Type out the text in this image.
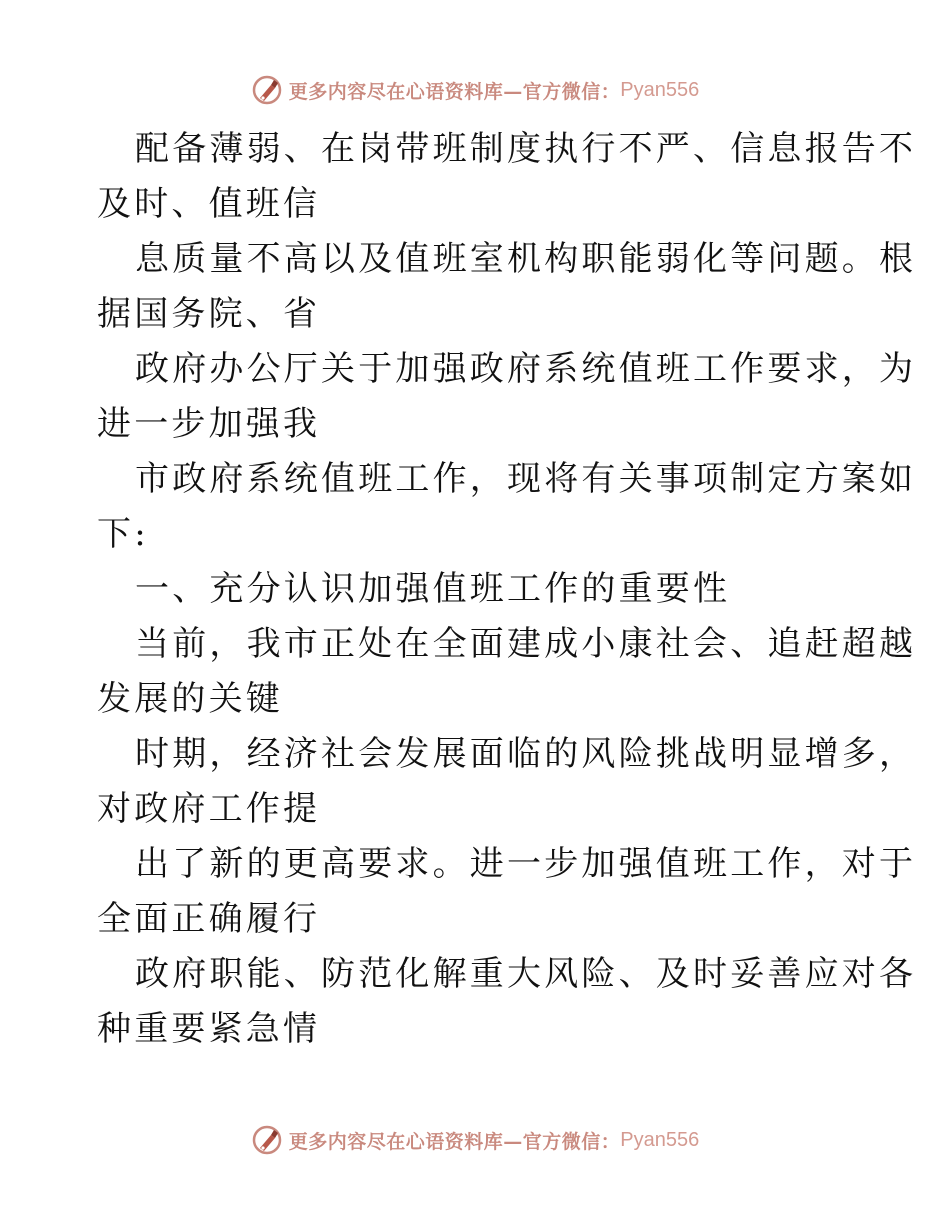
更多内容尽在心语资料库—官方微信： Pyan556
配备薄弱、在岗带班制度执行不严、信息报告不
及时、值班信
息质量不高以及值班室机构职能弱化等问题。根
据国务院、省
政府办公厅关于加强政府系统值班工作要求，为
进一步加强我
市政府系统值班工作，现将有关事项制定方案如
下:
一、充分认识加强值班工作的重要性
当前，我市正处在全面建成小康社会、追赶超越
发展的关键
时期，经济社会发展面临的风险挑战明显增多，
对政府工作提
出了新的更高要求。进一步加强值班工作，对于
全面正确履行
政府职能、防范化解重大风险、及时妥善应对各
种重要紧急情
更多内容尽在心语资料库—官方微信： Pyan556
